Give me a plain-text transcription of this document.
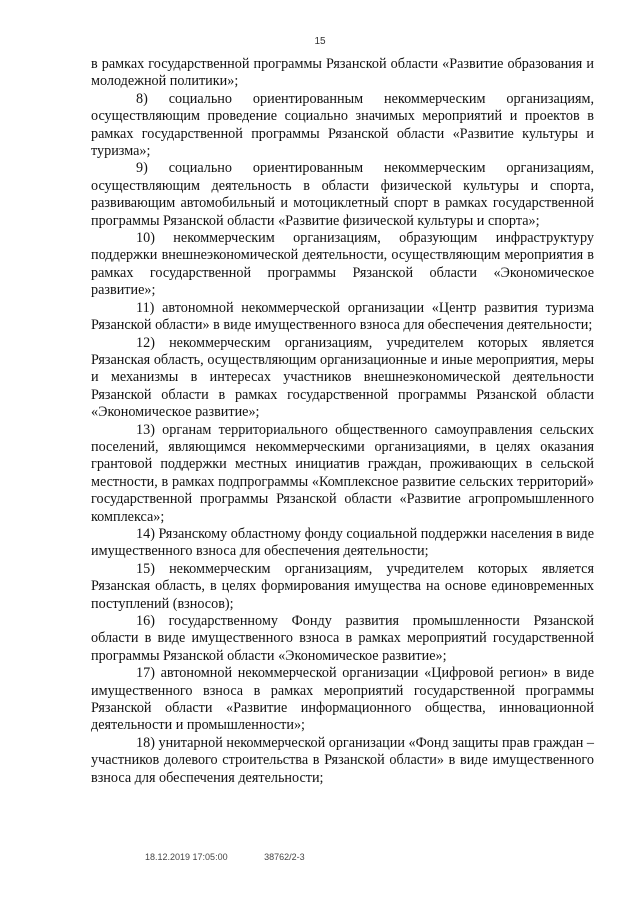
15

в рамках государственной программы Рязанской области «Развитие образования и молодежной политики»;

8) социально ориентированным некоммерческим организациям, осуществляющим проведение социально значимых мероприятий и проектов в рамках государственной программы Рязанской области «Развитие культуры и туризма»;

9) социально ориентированным некоммерческим организациям, осуществляющим деятельность в области физической культуры и спорта, развивающим автомобильный и мотоциклетный спорт в рамках государственной программы Рязанской области «Развитие физической культуры и спорта»;

10) некоммерческим организациям, образующим инфраструктуру поддержки внешнеэкономической деятельности, осуществляющим мероприятия в рамках государственной программы Рязанской области «Экономическое развитие»;

11) автономной некоммерческой организации «Центр развития туризма Рязанской области» в виде имущественного взноса для обеспечения деятельности;

12) некоммерческим организациям, учредителем которых является Рязанская область, осуществляющим организационные и иные мероприятия, меры и механизмы в интересах участников внешнеэкономической деятельности Рязанской области в рамках государственной программы Рязанской области «Экономическое развитие»;

13) органам территориального общественного самоуправления сельских поселений, являющимся некоммерческими организациями, в целях оказания грантовой поддержки местных инициатив граждан, проживающих в сельской местности, в рамках подпрограммы «Комплексное развитие сельских территорий» государственной программы Рязанской области «Развитие агропромышленного комплекса»;

14) Рязанскому областному фонду социальной поддержки населения в виде имущественного взноса для обеспечения деятельности;

15) некоммерческим организациям, учредителем которых является Рязанская область, в целях формирования имущества на основе единовременных поступлений (взносов);

16) государственному Фонду развития промышленности Рязанской области в виде имущественного взноса в рамках мероприятий государственной программы Рязанской области «Экономическое развитие»;

17) автономной некоммерческой организации «Цифровой регион» в виде имущественного взноса в рамках мероприятий государственной программы Рязанской области «Развитие информационного общества, инновационной деятельности и промышленности»;

18) унитарной некоммерческой организации «Фонд защиты прав граждан – участников долевого строительства в Рязанской области» в виде имущественного взноса для обеспечения деятельности;

18.12.2019 17:05:00	38762/2-3
